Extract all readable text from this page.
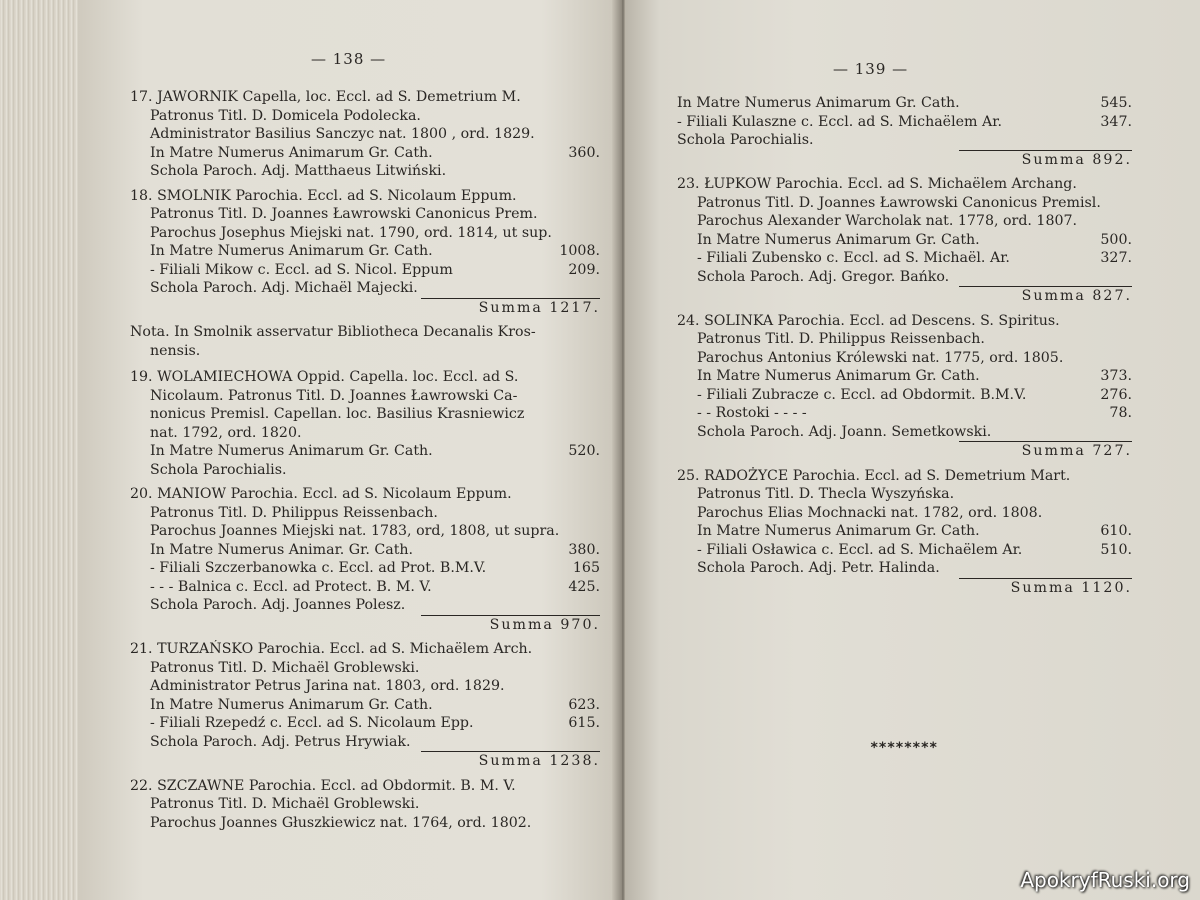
— 138 —
17. JAWORNIK Capella, loc. Eccl. ad S. Demetrium M.
Patronus Titl. D. Domicela Podolecka.
Administrator Basilius Sanczyc nat. 1800 , ord. 1829.
In Matre Numerus Animarum Gr. Cath.	360.
Schola Paroch. Adj. Matthaeus Litwiński.
18. SMOLNIK Parochia. Eccl. ad S. Nicolaum Eppum.
Patronus Titl. D. Joannes Ławrowski Canonicus Prem.
Parochus Josephus Miejski nat. 1790, ord. 1814, ut sup.
In Matre Numerus Animarum Gr. Cath.	1008.
- Filiali Mikow c. Eccl. ad S. Nicol. Eppum	209.
Schola Paroch. Adj. Michaël Majecki.
Summa 1217.
Nota. In Smolnik asservatur Bibliotheca Decanalis Kros-
nensis.
19. WOLAMIECHOWA Oppid. Capella. loc. Eccl. ad S.
Nicolaum. Patronus Titl. D. Joannes Ławrowski Ca-
nonicus Premisl. Capellan. loc. Basilius Krasniewicz
nat. 1792, ord. 1820.
In Matre Numerus Animarum Gr. Cath.	520.
Schola Parochialis.
20. MANIOW Parochia. Eccl. ad S. Nicolaum Eppum.
Patronus Titl. D. Philippus Reissenbach.
Parochus Joannes Miejski nat. 1783, ord, 1808, ut supra.
In Matre Numerus Animar. Gr. Cath.	380.
- Filiali Szczerbanowka c. Eccl. ad Prot. B.M.V.	165
- - - Balnica c. Eccl. ad Protect. B. M. V.	425.
Schola Paroch. Adj. Joannes Polesz.
Summa 970.
21. TURZAŃSKO Parochia. Eccl. ad S. Michaëlem Arch.
Patronus Titl. D. Michaël Groblewski.
Administrator Petrus Jarina nat. 1803, ord. 1829.
In Matre Numerus Animarum Gr. Cath.	623.
- Filiali Rzepedź c. Eccl. ad S. Nicolaum Epp.	615.
Schola Paroch. Adj. Petrus Hrywiak.
Summa 1238.
22. SZCZAWNE Parochia. Eccl. ad Obdormit. B. M. V.
Patronus Titl. D. Michaël Groblewski.
Parochus Joannes Głuszkiewicz nat. 1764, ord. 1802.
— 139 —
In Matre Numerus Animarum Gr. Cath.	545.
- Filiali Kulaszne c. Eccl. ad S. Michaëlem Ar.	347.
Schola Parochialis.
Summa 892.
23. ŁUPKOW Parochia. Eccl. ad S. Michaëlem Archang.
Patronus Titl. D. Joannes Ławrowski Canonicus Premisl.
Parochus Alexander Warcholak nat. 1778, ord. 1807.
In Matre Numerus Animarum Gr. Cath.	500.
- Filiali Zubensko c. Eccl. ad S. Michaël. Ar.	327.
Schola Paroch. Adj. Gregor. Bańko.
Summa 827.
24. SOLINKA Parochia. Eccl. ad Descens. S. Spiritus.
Patronus Titl. D. Philippus Reissenbach.
Parochus Antonius Królewski nat. 1775, ord. 1805.
In Matre Numerus Animarum Gr. Cath.	373.
- Filiali Zubracze c. Eccl. ad Obdormit. B.M.V.	276.
- - Rostoki - - - -	78.
Schola Paroch. Adj. Joann. Semetkowski.
Summa 727.
25. RADOŻYCE Parochia. Eccl. ad S. Demetrium Mart.
Patronus Titl. D. Thecla Wyszyńska.
Parochus Elias Mochnacki nat. 1782, ord. 1808.
In Matre Numerus Animarum Gr. Cath.	610.
- Filiali Osławica c. Eccl. ad S. Michaëlem Ar.	510.
Schola Paroch. Adj. Petr. Halinda.
Summa 1120.
********
ApokryfRuski.org
